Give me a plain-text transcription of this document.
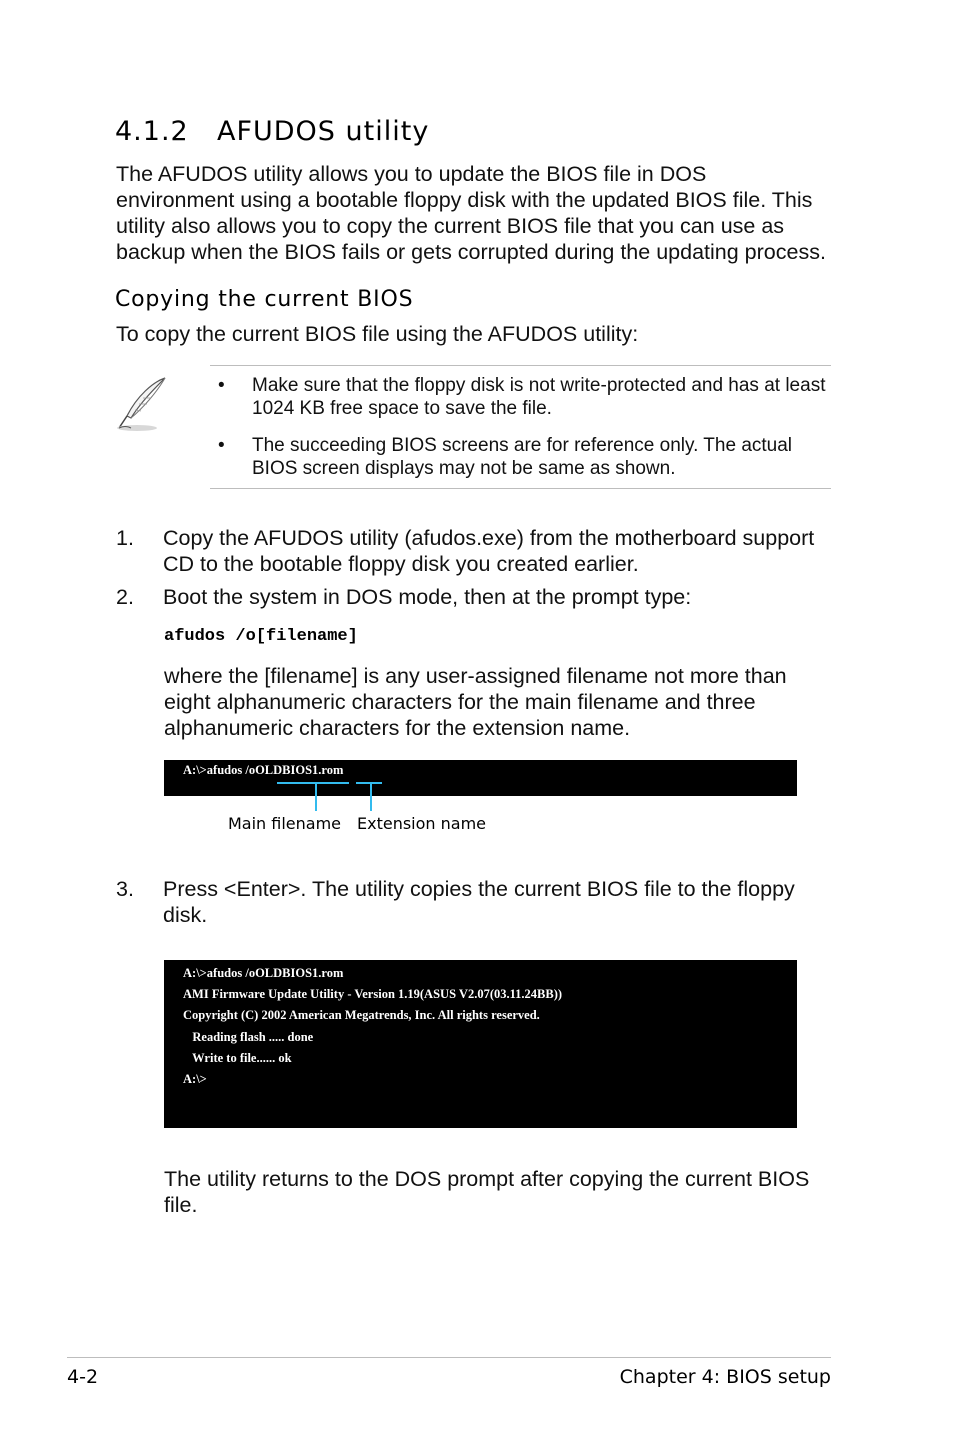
4.1.2 AFUDOS utility
The AFUDOS utility allows you to update the BIOS file in DOS environment using a bootable floppy disk with the updated BIOS file. This utility also allows you to copy the current BIOS file that you can use as backup when the BIOS fails or gets corrupted during the updating process.
Copying the current BIOS
To copy the current BIOS file using the AFUDOS utility:
• Make sure that the floppy disk is not write-protected and has at least 1024 KB free space to save the file.
• The succeeding BIOS screens are for reference only. The actual BIOS screen displays may not be same as shown.
1. Copy the AFUDOS utility (afudos.exe) from the motherboard support CD to the bootable floppy disk you created earlier.
2. Boot the system in DOS mode, then at the prompt type:
afudos /o[filename]
where the [filename] is any user-assigned filename not more than eight alphanumeric characters for the main filename and three alphanumeric characters for the extension name.
A:\>afudos /oOLDBIOS1.rom
Main filename Extension name
3. Press <Enter>. The utility copies the current BIOS file to the floppy disk.
A:\>afudos /oOLDBIOS1.rom
AMI Firmware Update Utility - Version 1.19(ASUS V2.07(03.11.24BB))
Copyright (C) 2002 American Megatrends, Inc. All rights reserved.
Reading flash ..... done
Write to file...... ok
A:\>
The utility returns to the DOS prompt after copying the current BIOS file.
4-2	Chapter 4: BIOS setup
